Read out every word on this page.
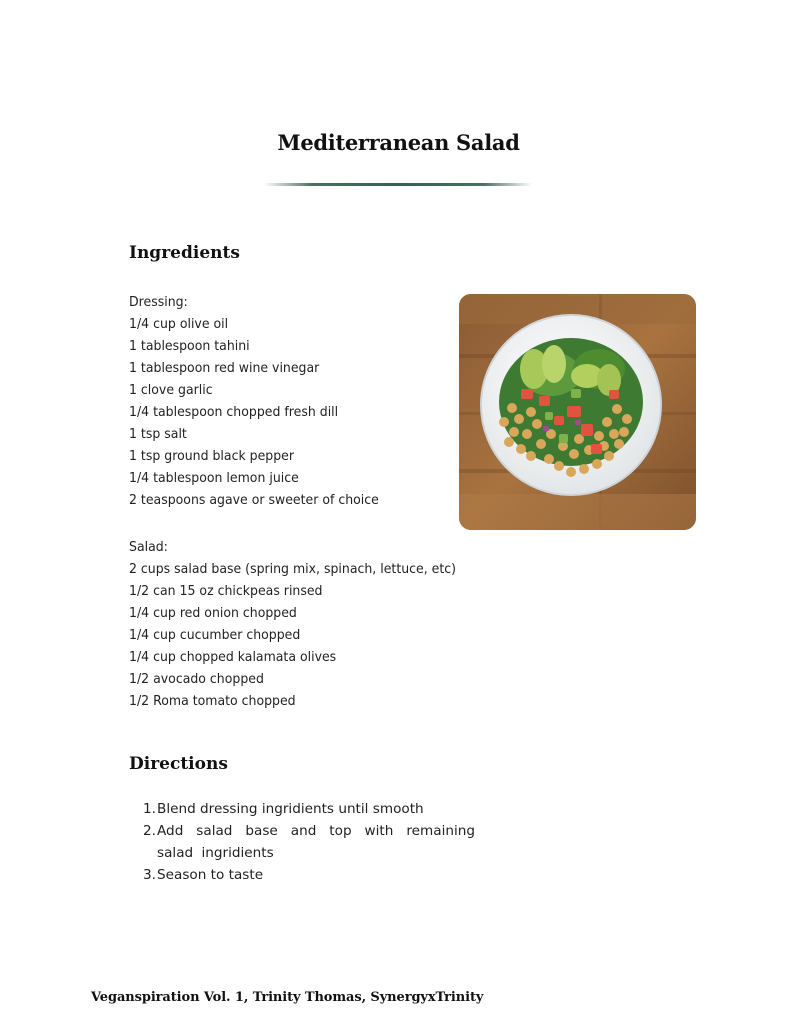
Mediterranean Salad
Ingredients
Dressing:
1/4 cup olive oil
1 tablespoon tahini
1 tablespoon red wine vinegar
1 clove garlic
1/4 tablespoon chopped fresh dill
1 tsp salt
1 tsp ground black pepper
1/4 tablespoon lemon juice
2 teaspoons agave or sweeter of choice
Salad:
2 cups salad base (spring mix, spinach, lettuce, etc)
1/2 can 15 oz chickpeas rinsed
1/4 cup red onion chopped
1/4 cup cucumber chopped
1/4 cup chopped kalamata olives
1/2 avocado chopped
1/2 Roma tomato chopped
Directions
1. Blend dressing ingridients until smooth
2. Add salad base and top with remaining salad ingridients
3. Season to taste
Veganspiration Vol. 1, Trinity Thomas, SynergyxTrinity
